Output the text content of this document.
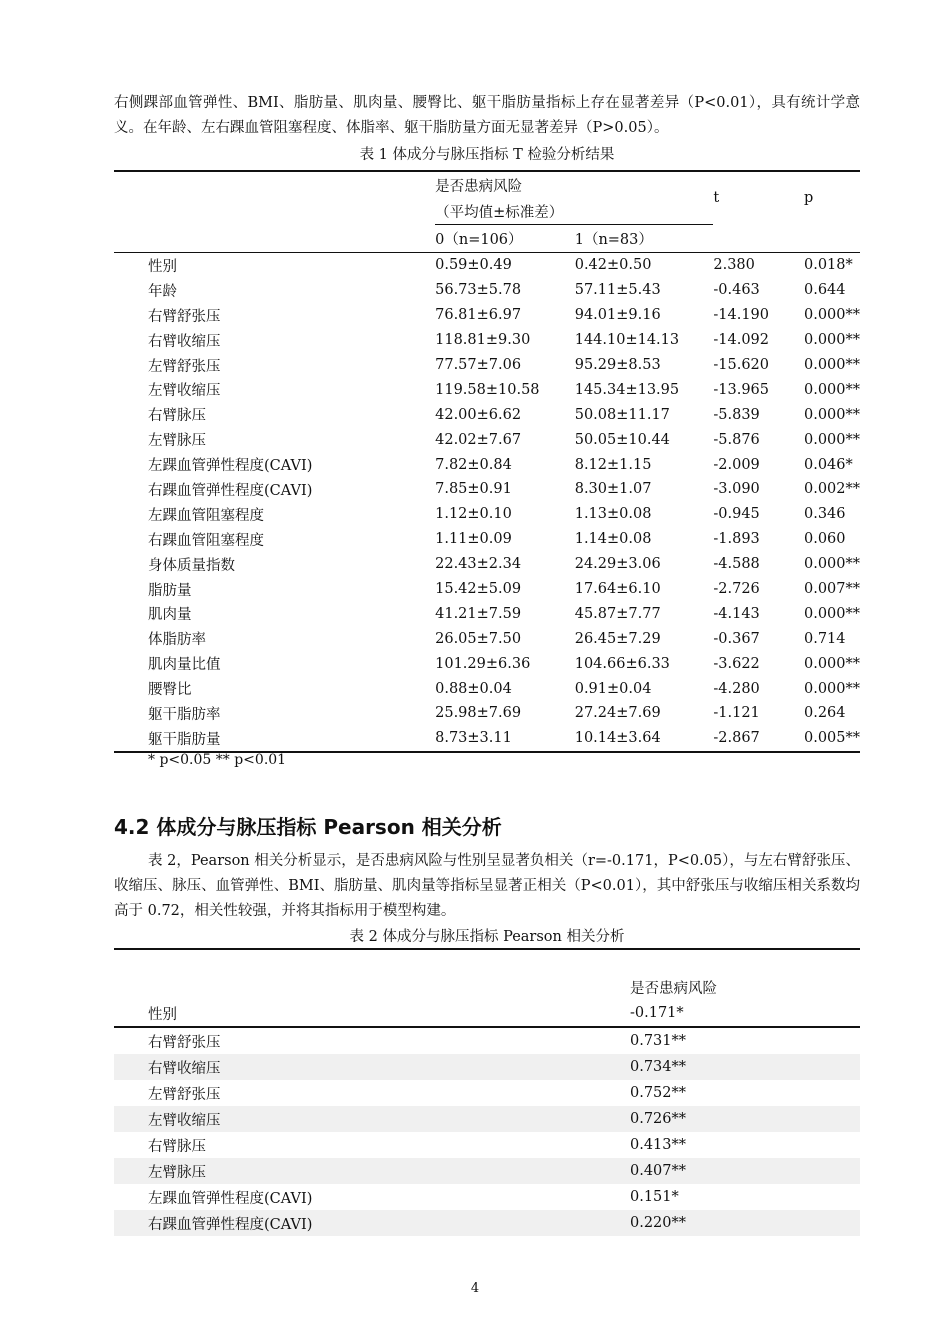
右侧踝部血管弹性、BMI、脂肪量、肌肉量、腰臀比、躯干脂肪量指标上存在显著差异（P<0.01），具有统计学意义。在年龄、左右踝血管阻塞程度、体脂率、躯干脂肪量方面无显著差异（P>0.05）。

表 1 体成分与脉压指标 T 检验分析结果

	是否患病风险		t	p
	（平均值±标准差）			
	0（n=106）	1（n=83）		
性别	0.59±0.49	0.42±0.50	2.380	0.018*
年龄	56.73±5.78	57.11±5.43	-0.463	0.644
右臂舒张压	76.81±6.97	94.01±9.16	-14.190	0.000**
右臂收缩压	118.81±9.30	144.10±14.13	-14.092	0.000**
左臂舒张压	77.57±7.06	95.29±8.53	-15.620	0.000**
左臂收缩压	119.58±10.58	145.34±13.95	-13.965	0.000**
右臂脉压	42.00±6.62	50.08±11.17	-5.839	0.000**
左臂脉压	42.02±7.67	50.05±10.44	-5.876	0.000**
左踝血管弹性程度(CAVI)	7.82±0.84	8.12±1.15	-2.009	0.046*
右踝血管弹性程度(CAVI)	7.85±0.91	8.30±1.07	-3.090	0.002**
左踝血管阻塞程度	1.12±0.10	1.13±0.08	-0.945	0.346
右踝血管阻塞程度	1.11±0.09	1.14±0.08	-1.893	0.060
身体质量指数	22.43±2.34	24.29±3.06	-4.588	0.000**
脂肪量	15.42±5.09	17.64±6.10	-2.726	0.007**
肌肉量	41.21±7.59	45.87±7.77	-4.143	0.000**
体脂肪率	26.05±7.50	26.45±7.29	-0.367	0.714
肌肉量比值	101.29±6.36	104.66±6.33	-3.622	0.000**
腰臀比	0.88±0.04	0.91±0.04	-4.280	0.000**
躯干脂肪率	25.98±7.69	27.24±7.69	-1.121	0.264
躯干脂肪量	8.73±3.11	10.14±3.64	-2.867	0.005**
* p<0.05 ** p<0.01
4.2 体成分与脉压指标 Pearson 相关分析

表 2，Pearson 相关分析显示，是否患病风险与性别呈显著负相关（r=-0.171，P<0.05），与左右臂舒张压、收缩压、脉压、血管弹性、BMI、脂肪量、肌肉量等指标呈显著正相关（P<0.01），其中舒张压与收缩压相关系数均高于 0.72，相关性较强，并将其指标用于模型构建。

表 2 体成分与脉压指标 Pearson 相关分析

	是否患病风险
性别	-0.171*
右臂舒张压	0.731**
右臂收缩压	0.734**
左臂舒张压	0.752**
左臂收缩压	0.726**
右臂脉压	0.413**
左臂脉压	0.407**
左踝血管弹性程度(CAVI)	0.151*
右踝血管弹性程度(CAVI)	0.220**
4
